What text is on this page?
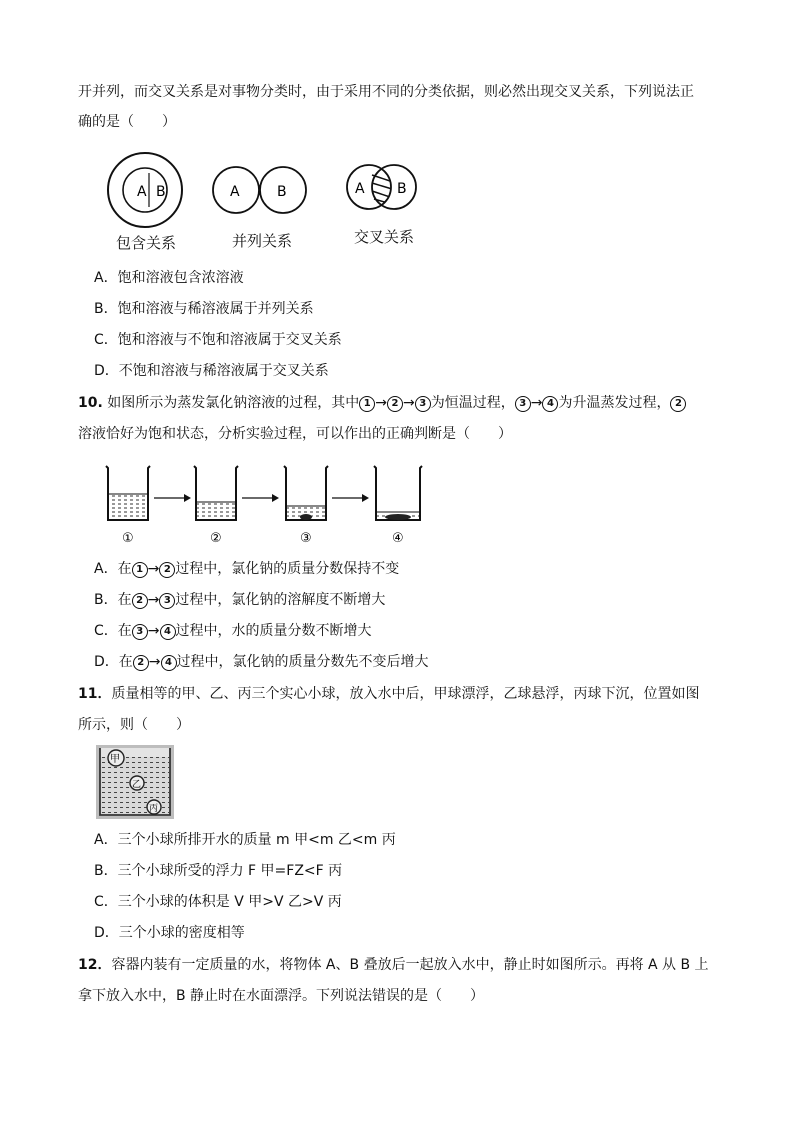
开并列，而交叉关系是对事物分类时，由于采用不同的分类依据，则必然出现交叉关系，下列说法正
确的是（　　）
A B	A	B	A B
包含关系	并列关系	交叉关系
A．饱和溶液包含浓溶液
B．饱和溶液与稀溶液属于并列关系
C．饱和溶液与不饱和溶液属于交叉关系
D．不饱和溶液与稀溶液属于交叉关系
10. 如图所示为蒸发氯化钠溶液的过程，其中 1 → 2 → 3 为恒温过程， 3 → 4 为升温蒸发过程， 2
溶液恰好为饱和状态，分析实验过程，可以作出的正确判断是（　　）
①	②	③	④
A．在 1 → 2 过程中，氯化钠的质量分数保持不变
B．在 2 → 3 过程中，氯化钠的溶解度不断增大
C．在 3 → 4 过程中，水的质量分数不断增大
D．在 2 → 4 过程中，氯化钠的质量分数先不变后增大
11．质量相等的甲、乙、丙三个实心小球，放入水中后，甲球漂浮，乙球悬浮，丙球下沉，位置如图
所示，则（　　）
甲
乙
丙
A．三个小球所排开水的质量 m 甲<m 乙<m 丙
B．三个小球所受的浮力 F 甲=FZ<F 丙
C．三个小球的体积是 V 甲>V 乙>V 丙
D．三个小球的密度相等
12．容器内装有一定质量的水，将物体 A、B 叠放后一起放入水中，静止时如图所示。再将 A 从 B 上
拿下放入水中，B 静止时在水面漂浮。下列说法错误的是（　　）
